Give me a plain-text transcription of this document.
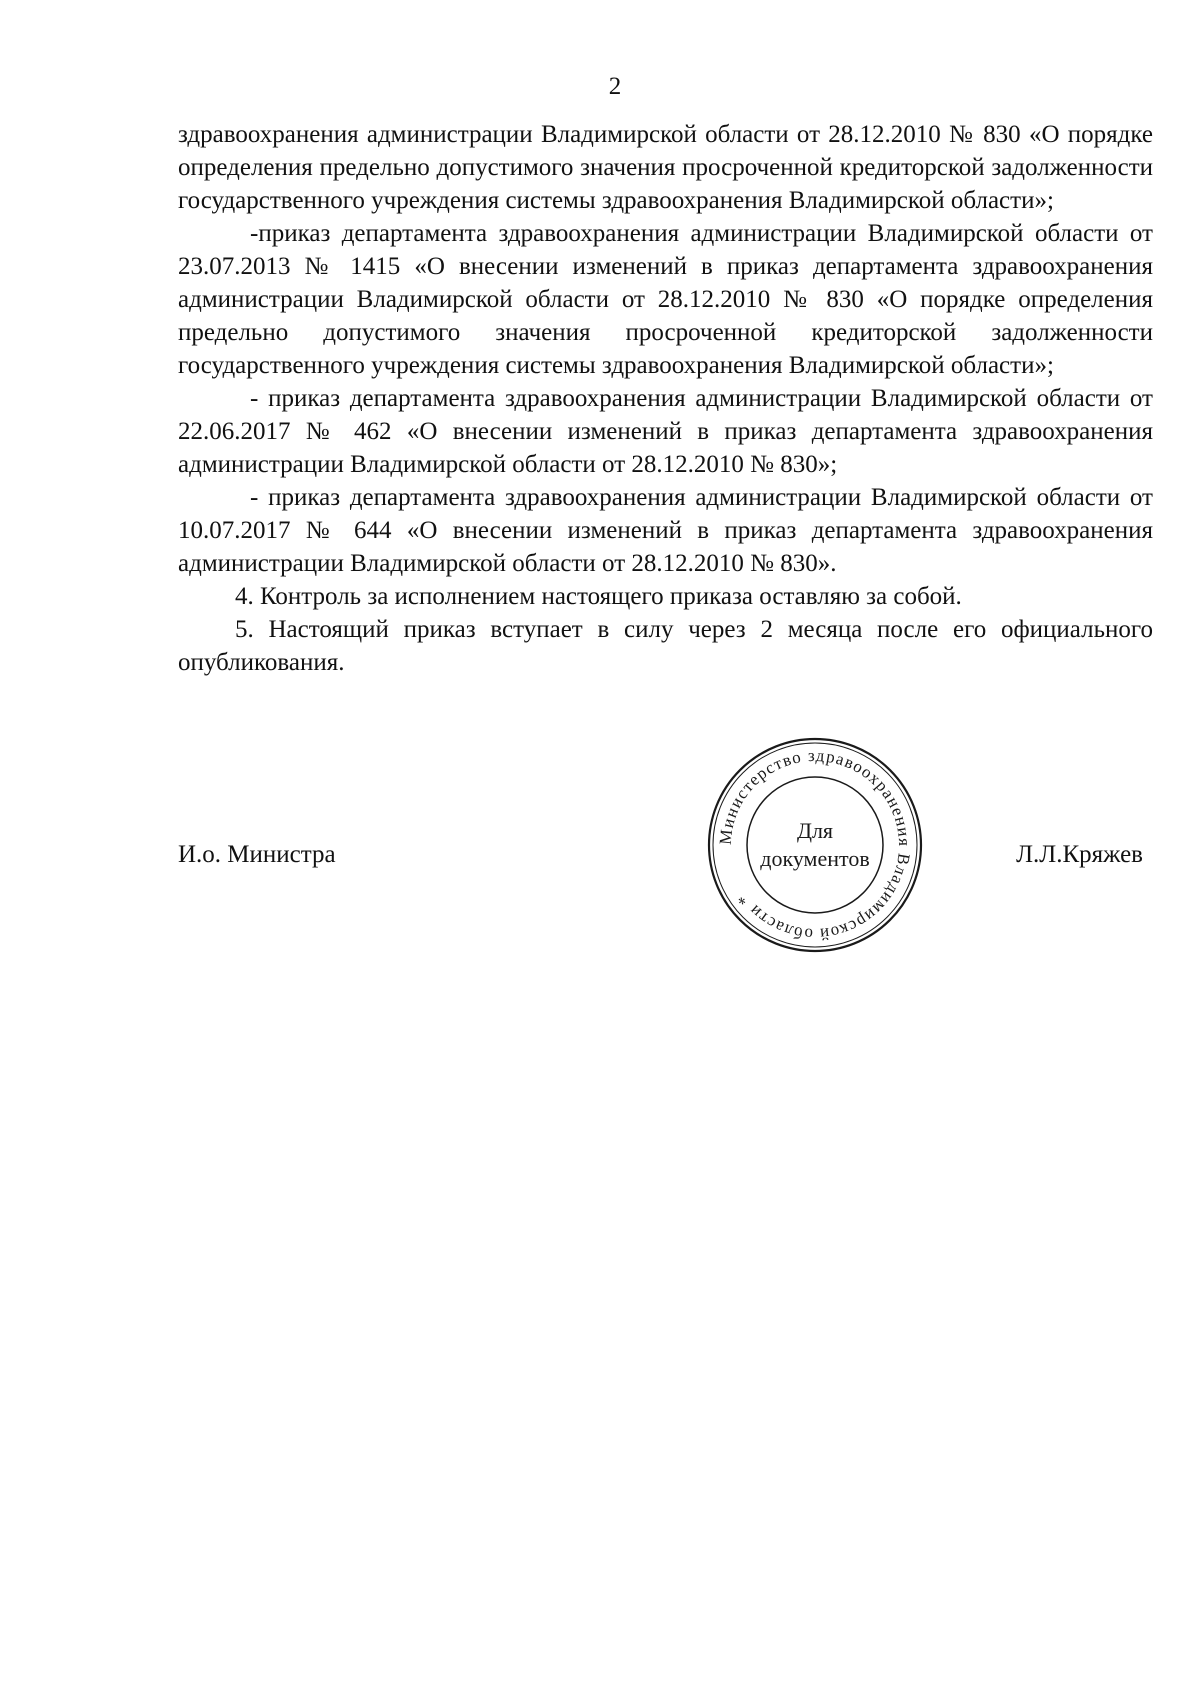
2

здравоохранения администрации Владимирской области от 28.12.2010 № 830 «О порядке определения предельно допустимого значения просроченной кредиторской задолженности государственного учреждения системы здравоохранения Владимирской области»;

-приказ департамента здравоохранения администрации Владимирской области от 23.07.2013 № 1415 «О внесении изменений в приказ департамента здравоохранения администрации Владимирской области от 28.12.2010 № 830 «О порядке определения предельно допустимого значения просроченной кредиторской задолженности государственного учреждения системы здравоохранения Владимирской области»;

- приказ департамента здравоохранения администрации Владимирской области от 22.06.2017 № 462 «О внесении изменений в приказ департамента здравоохранения администрации Владимирской области от 28.12.2010 № 830»;

- приказ департамента здравоохранения администрации Владимирской области от 10.07.2017 № 644 «О внесении изменений в приказ департамента здравоохранения администрации Владимирской области от 28.12.2010 № 830».

4. Контроль за исполнением настоящего приказа оставляю за собой.

5. Настоящий приказ вступает в силу через 2 месяца после его официального опубликования.

И.о. Министра	Л.Л.Кряжев
Министерство здравоохранения Владимирской области *
Для
документов
